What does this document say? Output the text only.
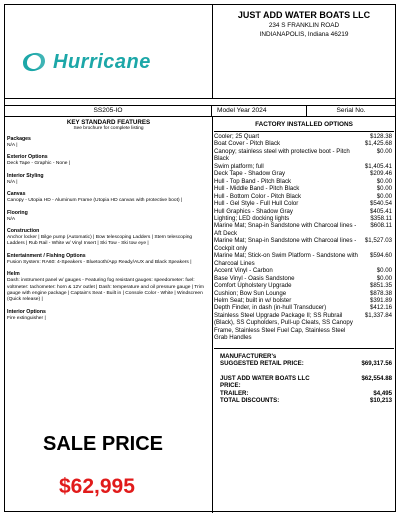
Hurricane
JUST ADD WATER BOATS LLC
234 S FRANKLIN ROAD
INDIANAPOLIS, Indiana 46219
SS205-IO	Model Year 2024	Serial No.
KEY STANDARD FEATURES
See brochure for complete listing
Packages
N/A |
Exterior Options
Deck Tape - Graphic - None |
Interior Styling
N/A |
Canvas
Canopy - Utopia HD - Aluminum Frame (Utopia HD canvas with protective boot) |
Flooring
N/A
Construction
Anchor locker | Bilge pump (Automatic) | Bow telescoping Ladders | Stern telescoping Ladders | Rub Rail - White w/ Vinyl Insert | Ski Tow - Ski tow eye |
Entertainment / Fishing Options
Fusion System: RA60: 4-Speakers - Bluetooth/App Ready/AUX and Black Speakers |
Helm
Dash: instrument panel w/ gauges - Featuring fog resistant gauges: speedometer: fuel: voltmeter: tachometer: horn & 12V outlet | Dash: temperature and oil pressure gauge | Trim gauge with engine package | Captain's Seat - Built in | Console Color - White | Windscreen (Quick release) |
Interior Options
Fire extinguisher |
FACTORY INSTALLED OPTIONS
Cooler; 25 Quart	$128.38
Boat Cover - Pitch Black	$1,425.68
Canopy; stainless steel with protective boot - Pitch Black
$0.00
Swim platform; full	$1,405.41
Deck Tape - Shadow Gray	$209.46
Hull - Top Band - Pitch Black	$0.00
Hull - Middle Band - Pitch Black	$0.00
Hull - Bottom Color - Pitch Black	$0.00
Hull - Gel Style - Full Hull Color	$540.54
Hull Graphics - Shadow Gray	$405.41
Lighting; LED docking lights	$358.11
Marine Mat; Snap-in Sandstone with Charcoal lines - Aft Deck
$608.11
Marine Mat; Snap-in Sandstone with Charcoal lines - Cockpit only
$1,527.03
Marine Mat; Stick-on Swim Platform - Sandstone with Charcoal Lines
$594.60
Accent Vinyl - Carbon	$0.00
Base Vinyl - Oasis Sandstone	$0.00
Comfort Upholstery Upgrade	$851.35
Cushion; Bow Sun Lounge	$878.38
Helm Seat; built in w/ bolster	$391.89
Depth Finder, in dash (in-hull Transducer)	$412.16
Stainless Steel Upgrade Package II; SS Rubrail (Black), SS Cupholders, Pull-up Cleats, SS Canopy Frame, Stainless Steel Fuel Cap, Stainless Steel Grab Handles
$1,337.84
MANUFACTURER's
SUGGESTED RETAIL PRICE:	$69,317.56
JUST ADD WATER BOATS LLC	$62,554.88
PRICE:
TRAILER:	$4,495
TOTAL DISCOUNTS:	$10,213
SALE PRICE
$62,995
